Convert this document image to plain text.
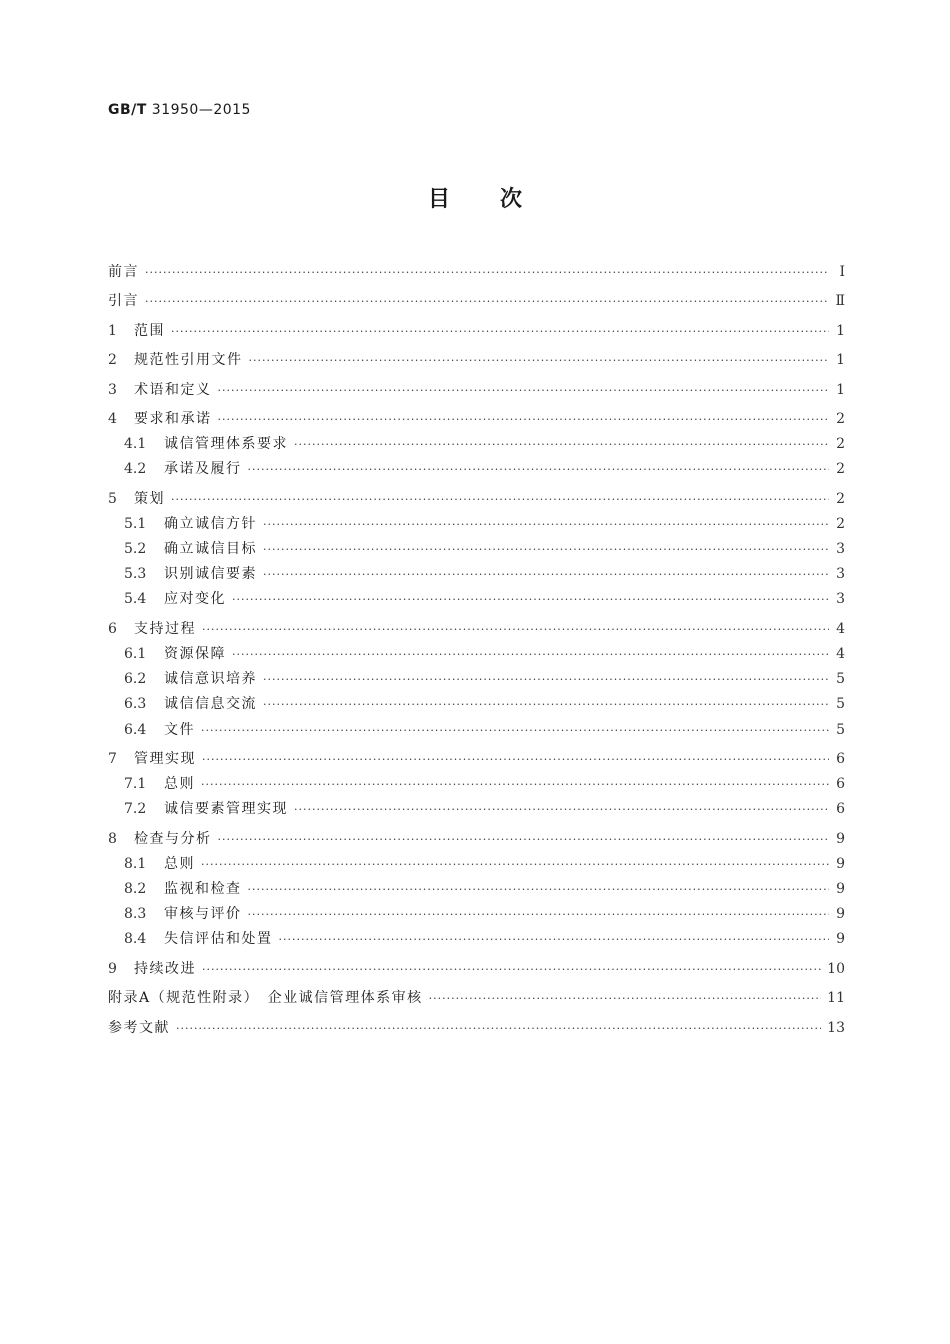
GB/T 31950—2015
目次
前言 ·····	Ⅰ
引言 ·····	Ⅱ
1	范围 ·····	1
2	规范性引用文件 ·····	1
3	术语和定义 ·····	1
4	要求和承诺 ·····	2
4.1	诚信管理体系要求 ·····	2
4.2	承诺及履行 ·····	2
5	策划 ·····	2
5.1	确立诚信方针 ·····	2
5.2	确立诚信目标 ·····	3
5.3	识别诚信要素 ·····	3
5.4	应对变化 ·····	3
6	支持过程 ·····	4
6.1	资源保障 ·····	4
6.2	诚信意识培养 ·····	5
6.3	诚信信息交流 ·····	5
6.4	文件 ·····	5
7	管理实现 ·····	6
7.1	总则 ·····	6
7.2	诚信要素管理实现 ·····	6
8	检查与分析 ·····	9
8.1	总则 ·····	9
8.2	监视和检查 ·····	9
8.3	审核与评价 ·····	9
8.4	失信评估和处置 ·····	9
9	持续改进 ·····	10
附录A（规范性附录）　企业诚信管理体系审核 ·····	11
参考文献 ·····	13
